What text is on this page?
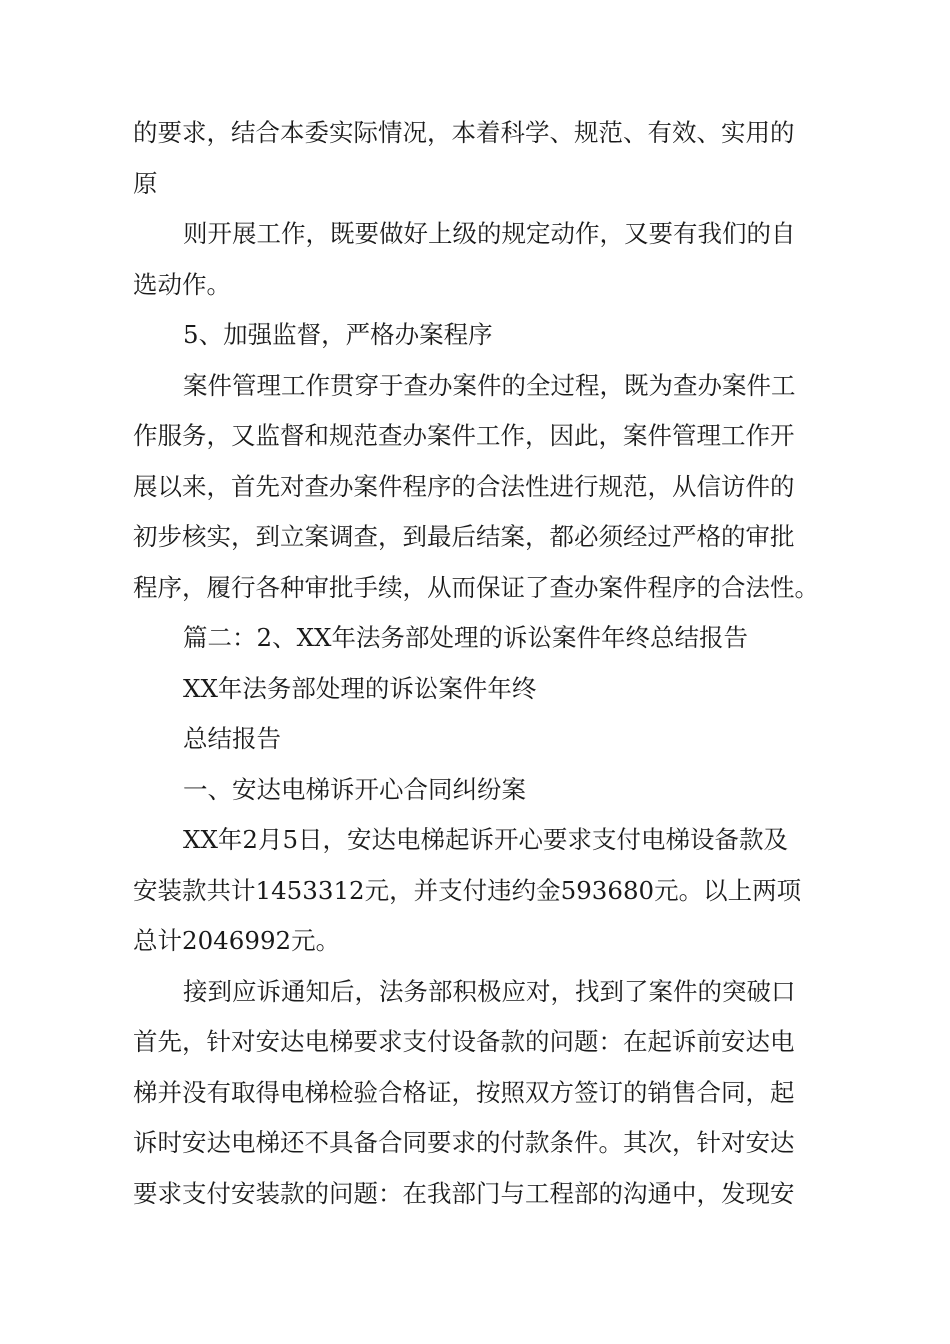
的要求，结合本委实际情况，本着科学、规范、有效、实用的
原
则开展工作，既要做好上级的规定动作，又要有我们的自
选动作。
5、加强监督，严格办案程序
案件管理工作贯穿于查办案件的全过程，既为查办案件工
作服务，又监督和规范查办案件工作，因此，案件管理工作开
展以来，首先对查办案件程序的合法性进行规范，从信访件的
初步核实，到立案调查，到最后结案，都必须经过严格的审批
程序，履行各种审批手续，从而保证了查办案件程序的合法性。
篇二：2、XX年法务部处理的诉讼案件年终总结报告
XX年法务部处理的诉讼案件年终
总结报告
一、安达电梯诉开心合同纠纷案
XX年2月5日，安达电梯起诉开心要求支付电梯设备款及
安装款共计1453312元，并支付违约金593680元。以上两项
总计2046992元。
接到应诉通知后，法务部积极应对，找到了案件的突破口
首先，针对安达电梯要求支付设备款的问题：在起诉前安达电
梯并没有取得电梯检验合格证，按照双方签订的销售合同，起
诉时安达电梯还不具备合同要求的付款条件。其次，针对安达
要求支付安装款的问题：在我部门与工程部的沟通中，发现安
